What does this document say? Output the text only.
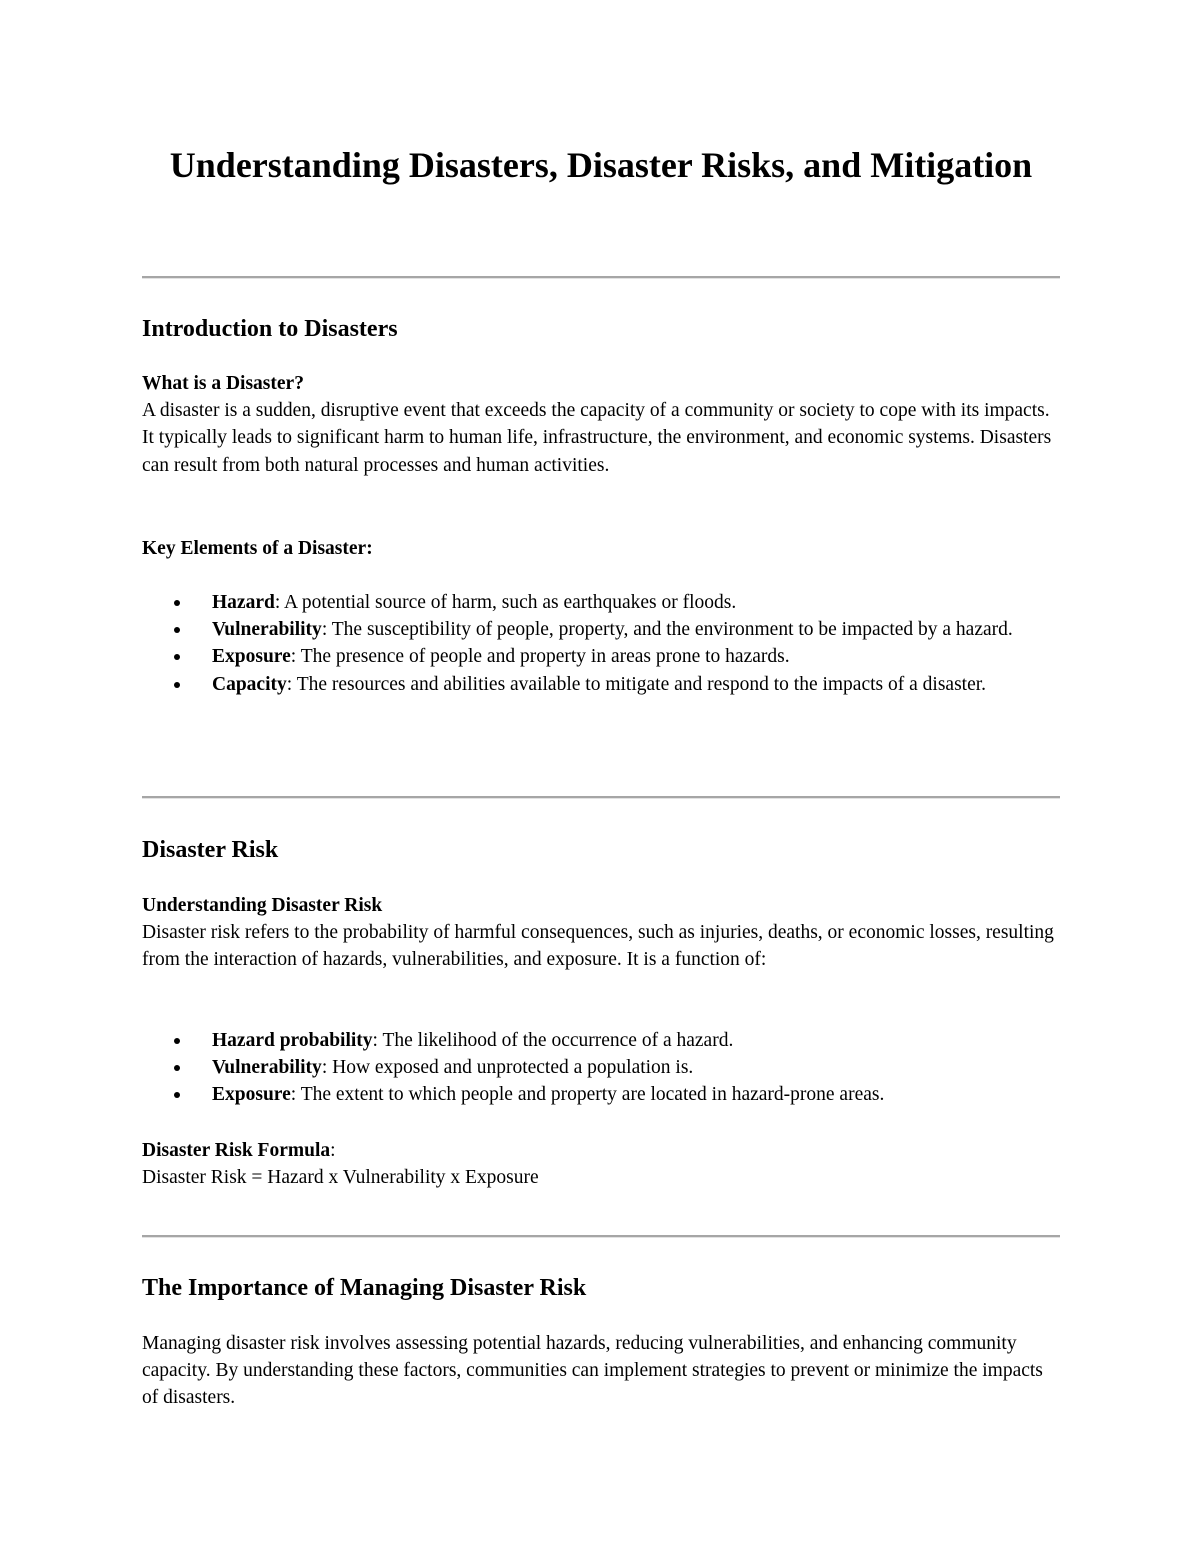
Understanding Disasters, Disaster Risks, and Mitigation
Introduction to Disasters

What is a Disaster?

A disaster is a sudden, disruptive event that exceeds the capacity of a community or society to cope with its impacts. It typically leads to significant harm to human life, infrastructure, the environment, and economic systems. Disasters can result from both natural processes and human activities.

Key Elements of a Disaster:

Hazard: A potential source of harm, such as earthquakes or floods.
Vulnerability: The susceptibility of people, property, and the environment to be impacted by a hazard.
Exposure: The presence of people and property in areas prone to hazards.
Capacity: The resources and abilities available to mitigate and respond to the impacts of a disaster.
Disaster Risk

Understanding Disaster Risk

Disaster risk refers to the probability of harmful consequences, such as injuries, deaths, or economic losses, resulting from the interaction of hazards, vulnerabilities, and exposure. It is a function of:

Hazard probability: The likelihood of the occurrence of a hazard.
Vulnerability: How exposed and unprotected a population is.
Exposure: The extent to which people and property are located in hazard-prone areas.

Disaster Risk Formula:

Disaster Risk = Hazard x Vulnerability x Exposure

The Importance of Managing Disaster Risk

Managing disaster risk involves assessing potential hazards, reducing vulnerabilities, and enhancing community capacity. By understanding these factors, communities can implement strategies to prevent or minimize the impacts of disasters.
